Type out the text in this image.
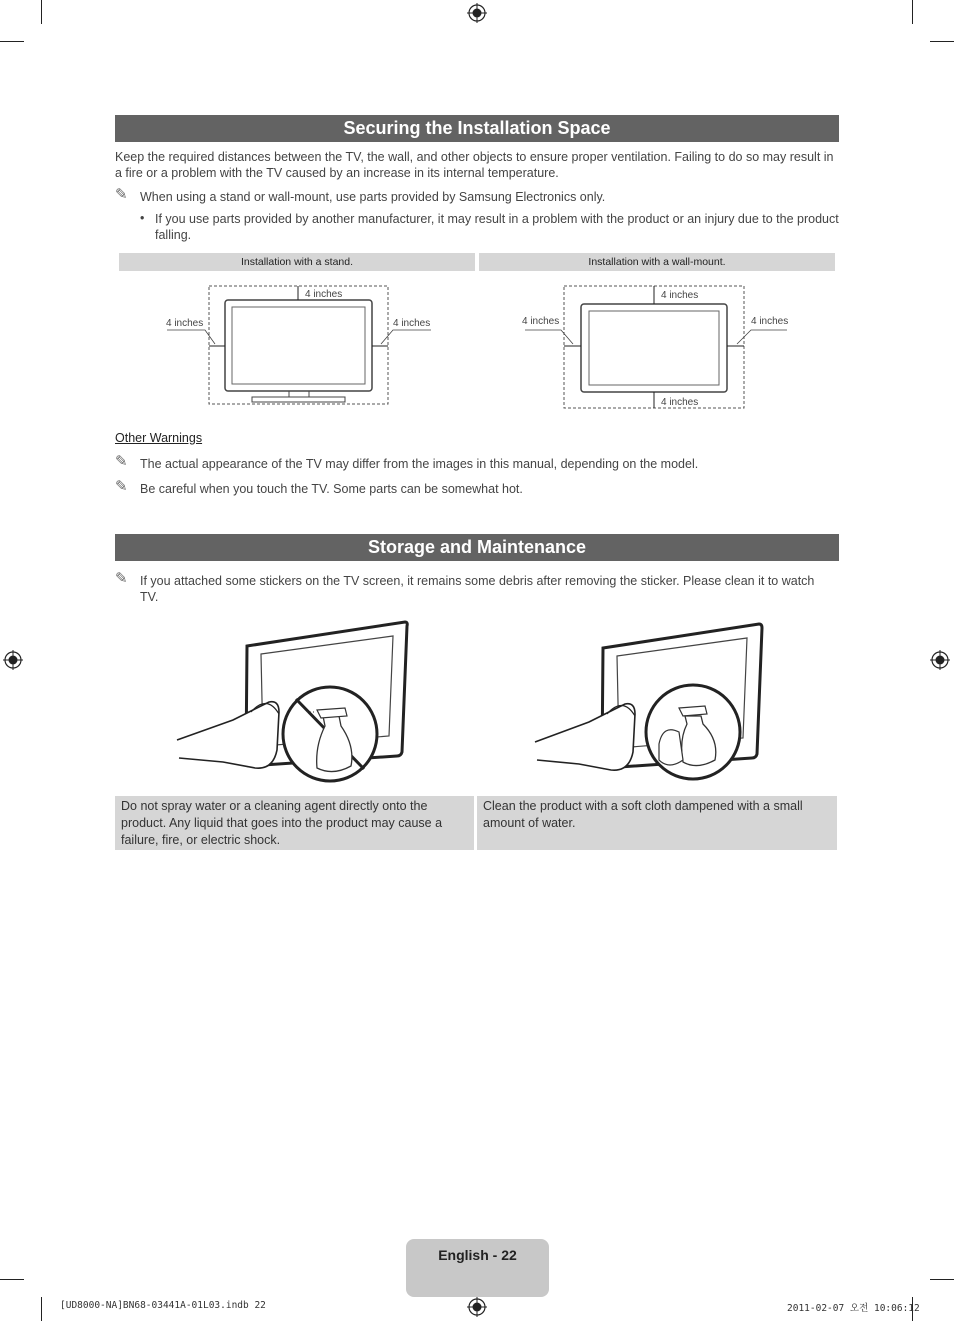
Securing the Installation Space
Keep the required distances between the TV, the wall, and other objects to ensure proper ventilation. Failing to do so may result in a fire or a problem with the TV caused by an increase in its internal temperature.
✎ When using a stand or wall-mount, use parts provided by Samsung Electronics only.
• If you use parts provided by another manufacturer, it may result in a problem with the product or an injury due to the product falling.
Installation with a stand.	Installation with a wall-mount.
4 inches
4 inches	4 inches
4 inches
4 inches
4 inches	4 inches
Other Warnings
✎ The actual appearance of the TV may differ from the images in this manual, depending on the model.
✎ Be careful when you touch the TV. Some parts can be somewhat hot.
Storage and Maintenance
✎ If you attached some stickers on the TV screen, it remains some debris after removing the sticker. Please clean it to watch TV.
Do not spray water or a cleaning agent directly onto the product. Any liquid that goes into the product may cause a failure, fire, or electric shock.
Clean the product with a soft cloth dampened with a small amount of water.
English - 22
[UD8000-NA]BN68-03441A-01L03.indb 22	2011-02-07 오전 10:06:12
